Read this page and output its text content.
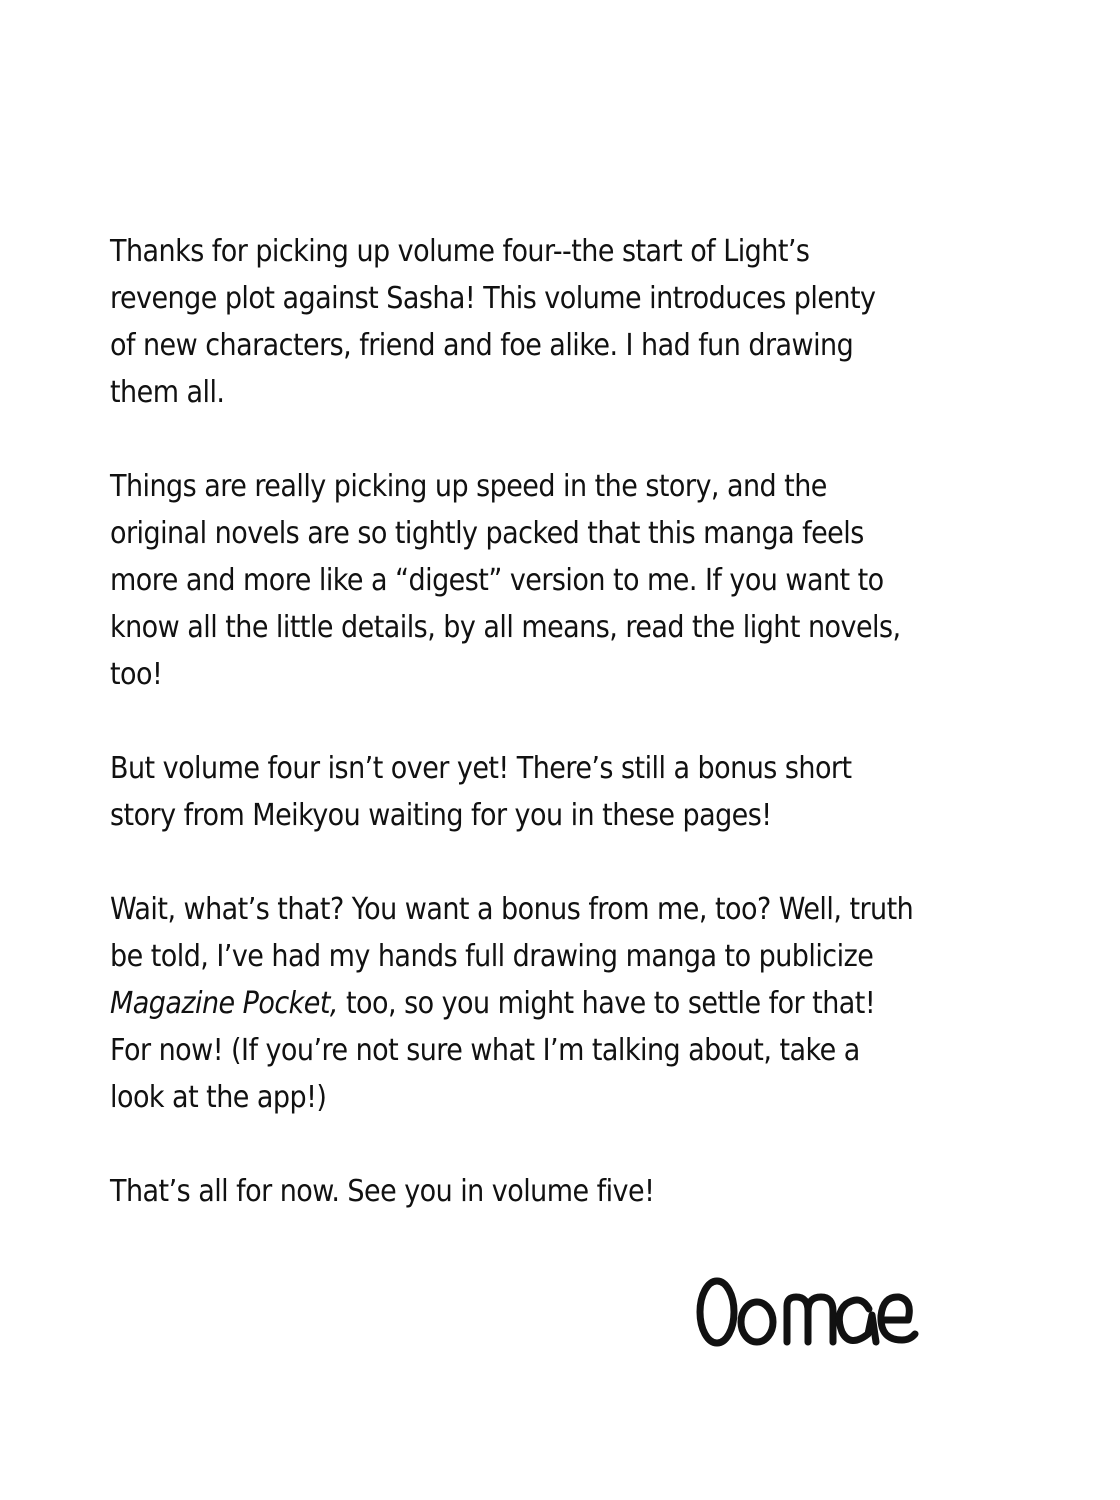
Thanks for picking up volume four--the start of Light’s
revenge plot against Sasha! This volume introduces plenty
of new characters, friend and foe alike. I had fun drawing
them all.

Things are really picking up speed in the story, and the
original novels are so tightly packed that this manga feels
more and more like a “digest” version to me. If you want to
know all the little details, by all means, read the light novels,
too!

But volume four isn’t over yet! There’s still a bonus short
story from Meikyou waiting for you in these pages!

Wait, what’s that? You want a bonus from me, too? Well, truth
be told, I’ve had my hands full drawing manga to publicize
Magazine Pocket, too, so you might have to settle for that!
For now! (If you’re not sure what I’m talking about, take a
look at the app!)

That’s all for now. See you in volume five!
